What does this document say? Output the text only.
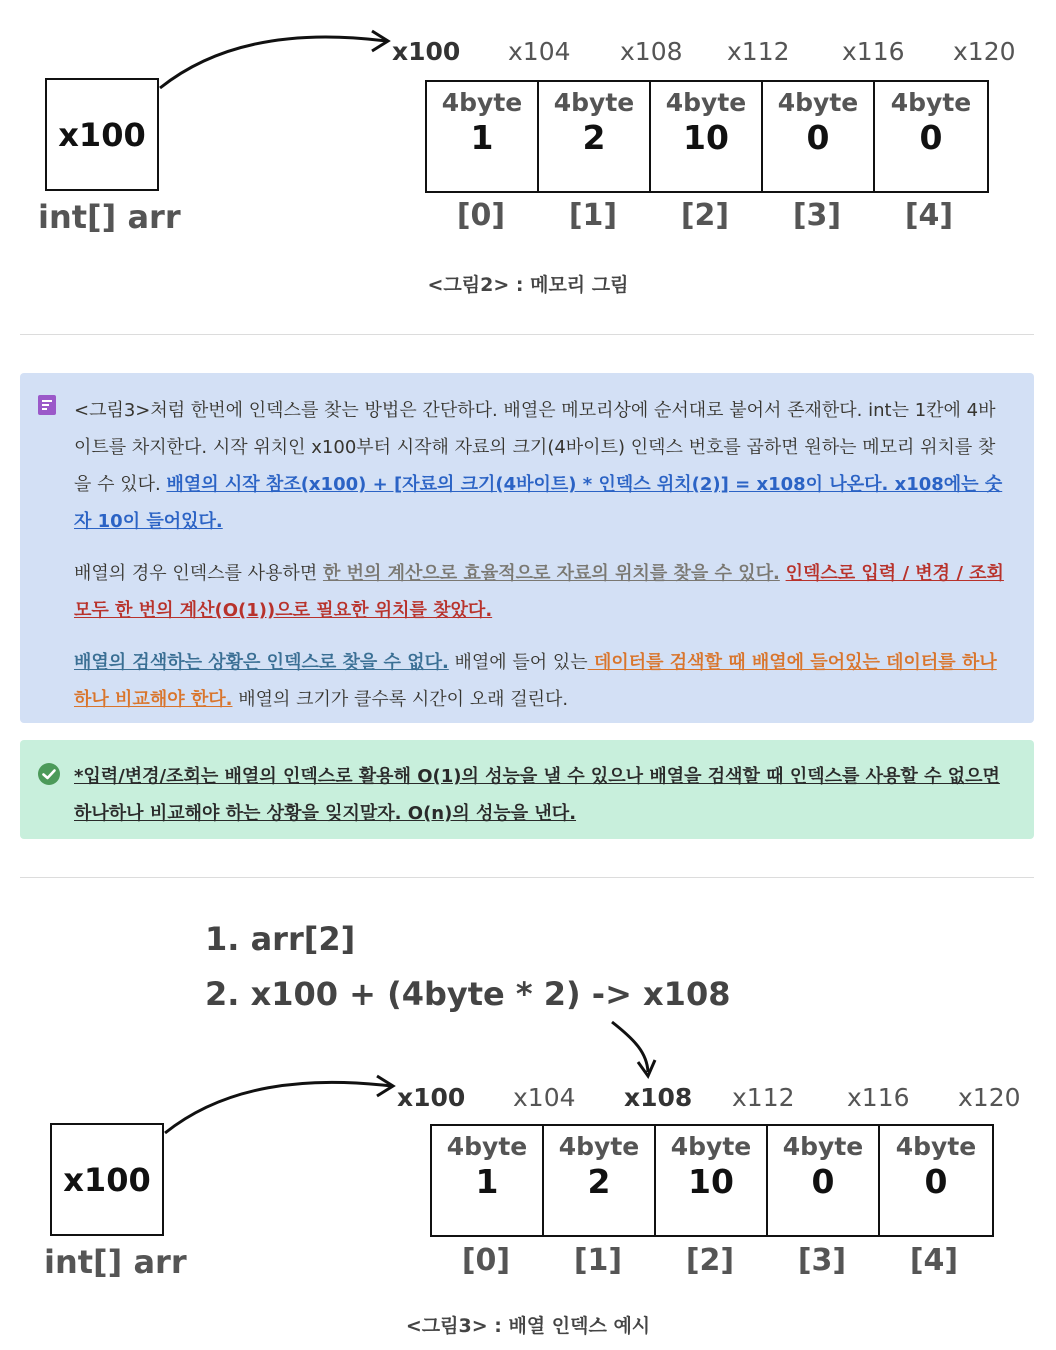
x100
int[] arr
x100 x104 x108 x112 x116 x120
4byte
1
4byte
2
4byte
10
4byte
0
4byte
0
[0]	[1]	[2]	[3]	[4]
<그림2> : 메모리 그림

<그림3>처럼 한번에 인덱스를 찾는 방법은 간단하다. 배열은 메모리상에 순서대로 붙어서 존재한다. int는 1칸에 4바이트를 차지한다. 시작 위치인 x100부터 시작해 자료의 크기(4바이트) 인덱스 번호를 곱하면 원하는 메모리 위치를 찾을 수 있다. 배열의 시작 참조(x100) + [자료의 크기(4바이트) * 인덱스 위치(2)] = x108이 나온다. x108에는 숫자 10이 들어있다.

배열의 경우 인덱스를 사용하면 한 번의 계산으로 효율적으로 자료의 위치를 찾을 수 있다. 인덱스로 입력 / 변경 / 조회 모두 한 번의 계산(O(1))으로 필요한 위치를 찾았다.

배열의 검색하는 상황은 인덱스로 찾을 수 없다. 배열에 들어 있는 데이터를 검색할 때 배열에 들어있는 데이터를 하나하나 비교해야 한다. 배열의 크기가 클수록 시간이 오래 걸린다.

*입력/변경/조회는 배열의 인덱스로 활용해 O(1)의 성능을 낼 수 있으나 배열을 검색할 때 인덱스를 사용할 수 없으면 하나하나 비교해야 하는 상황을 잊지말자. O(n)의 성능을 낸다.

1. arr[2]
2. x100 + (4byte * 2) -> x108
x100
int[] arr
x100 x104 x108 x112 x116 x120
4byte
1
4byte
2
4byte
10
4byte
0
4byte
0
[0]	[1]	[2]	[3]	[4]
<그림3> : 배열 인덱스 예시
